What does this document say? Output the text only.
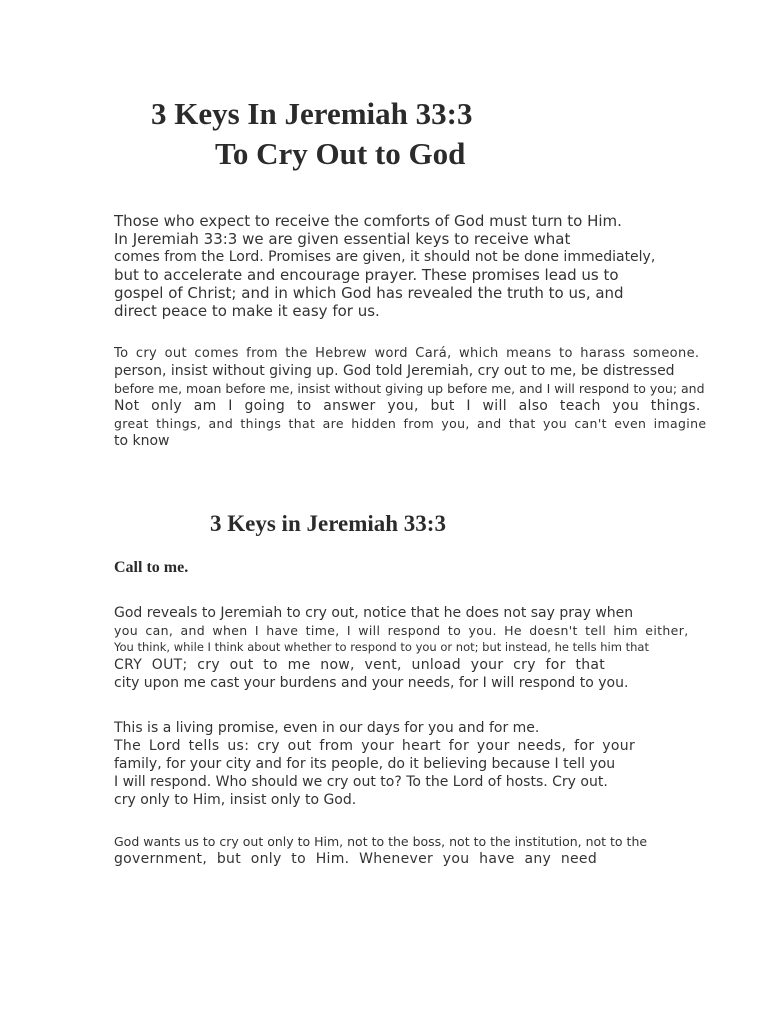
3 Keys In Jeremiah 33:3
To Cry Out to God

Those who expect to receive the comforts of God must turn to Him.
In Jeremiah 33:3 we are given essential keys to receive what
comes from the Lord. Promises are given, it should not be done immediately,
but to accelerate and encourage prayer. These promises lead us to
gospel of Christ; and in which God has revealed the truth to us, and
direct peace to make it easy for us.

To cry out comes from the Hebrew word Cará, which means to harass someone.
person, insist without giving up. God told Jeremiah, cry out to me, be distressed
before me, moan before me, insist without giving up before me, and I will respond to you; and
Not only am I going to answer you, but I will also teach you things.
great things, and things that are hidden from you, and that you can't even imagine
to know

3 Keys in Jeremiah 33:3
Call to me.

God reveals to Jeremiah to cry out, notice that he does not say pray when
you can, and when I have time, I will respond to you. He doesn't tell him either,
You think, while I think about whether to respond to you or not; but instead, he tells him that
CRY OUT; cry out to me now, vent, unload your cry for that
city upon me cast your burdens and your needs, for I will respond to you.

This is a living promise, even in our days for you and for me.
The Lord tells us: cry out from your heart for your needs, for your
family, for your city and for its people, do it believing because I tell you
I will respond. Who should we cry out to? To the Lord of hosts. Cry out.
cry only to Him, insist only to God.

God wants us to cry out only to Him, not to the boss, not to the institution, not to the
government, but only to Him. Whenever you have any need
